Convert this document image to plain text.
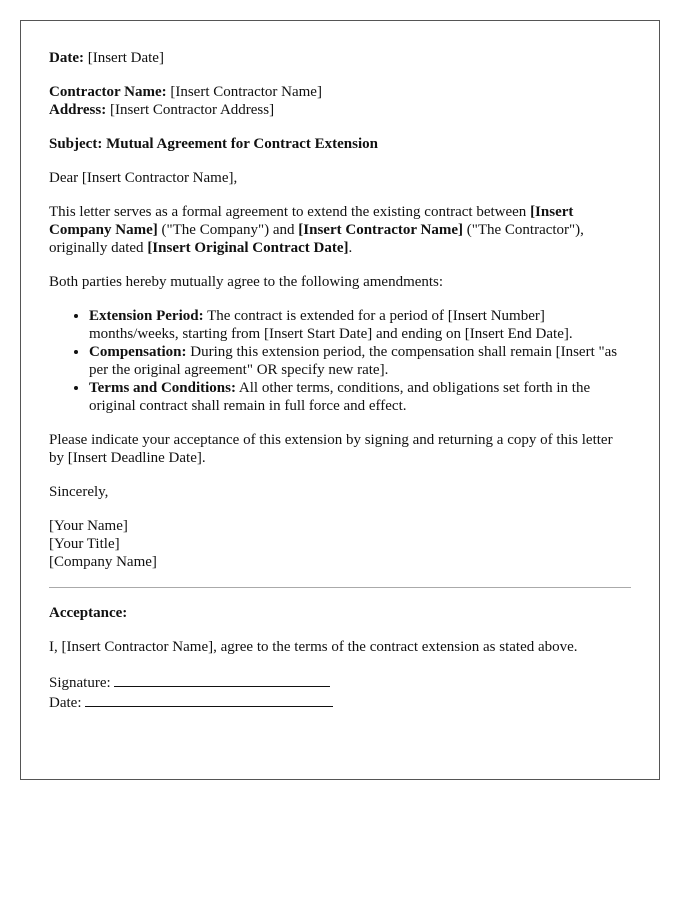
Date: [Insert Date]

Contractor Name: [Insert Contractor Name]

Address: [Insert Contractor Address]

Subject: Mutual Agreement for Contract Extension

Dear [Insert Contractor Name],

This letter serves as a formal agreement to extend the existing contract between [Insert Company Name] ("The Company") and [Insert Contractor Name] ("The Contractor"), originally dated [Insert Original Contract Date].

Both parties hereby mutually agree to the following amendments:

• Extension Period: The contract is extended for a period of [Insert Number] months/weeks, starting from [Insert Start Date] and ending on [Insert End Date].
• Compensation: During this extension period, the compensation shall remain [Insert "as per the original agreement" OR specify new rate].
• Terms and Conditions: All other terms, conditions, and obligations set forth in the original contract shall remain in full force and effect.

Please indicate your acceptance of this extension by signing and returning a copy of this letter by [Insert Deadline Date].

Sincerely,

[Your Name]

[Your Title]

[Company Name]

Acceptance:

I, [Insert Contractor Name], agree to the terms of the contract extension as stated above.

Signature:

Date:
